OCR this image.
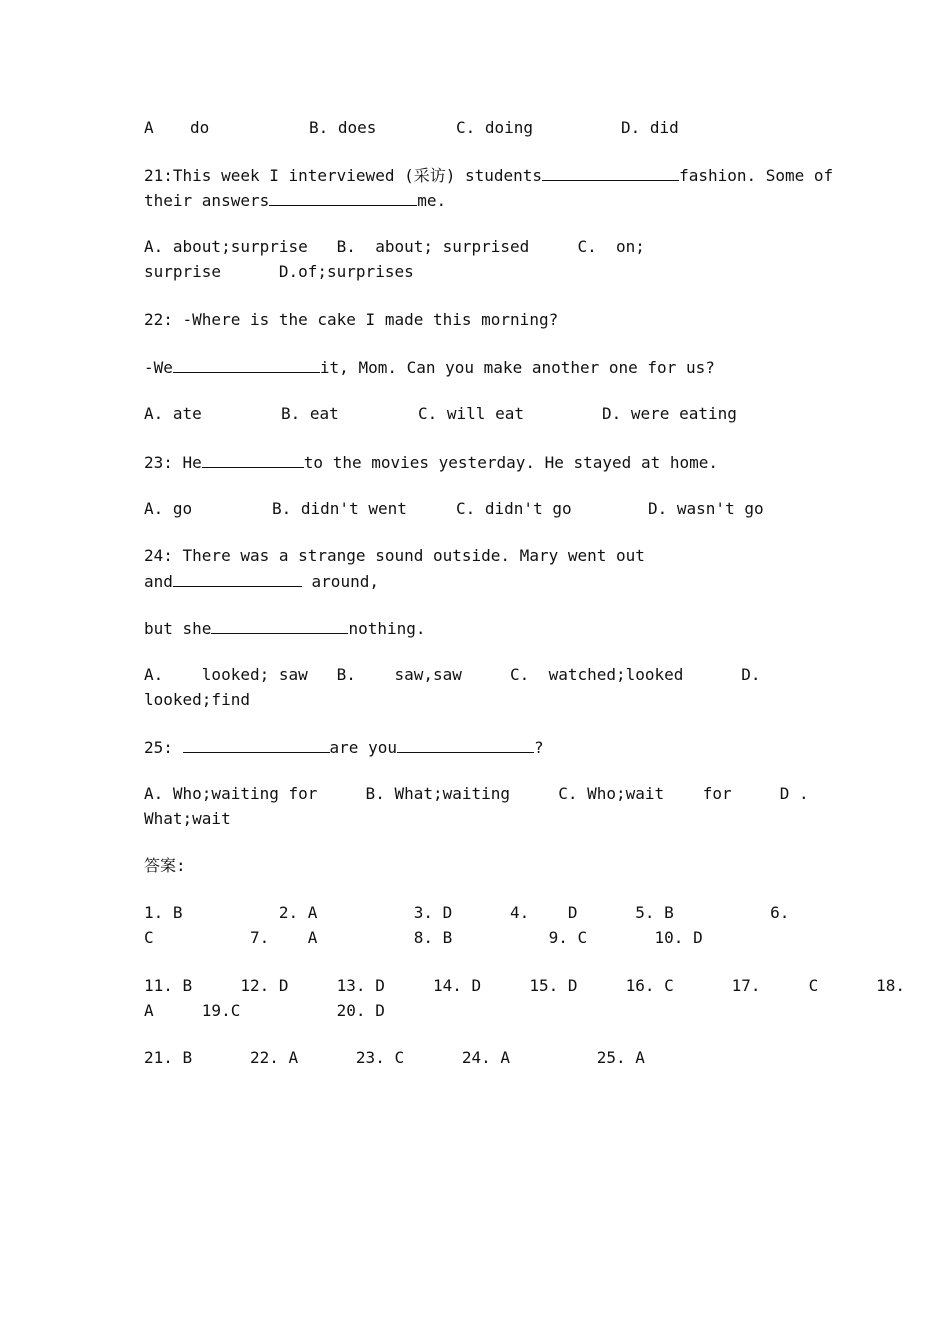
A do	B. does	C. doing	D. did

21:This week I interviewed (采访) students	fashion. Some of

their answers	me.

A. about;surprise   B.  about; surprised     C.  on;

surprise      D.of;surprises

22: -Where is the cake I made this morning?

-We	it, Mom. Can you make another one for us?

A. ate	B. eat	C. will eat	D. were eating

23: He	to the movies yesterday. He stayed at home.

A. go	B. didn't went	C. didn't go	D. wasn't go

24: There was a strange sound outside. Mary went out

and	around,

but she	nothing.

A.    looked; saw   B.    saw,saw     C.  watched;looked      D.

looked;find

25:	are you	?

A. Who;waiting for     B. What;waiting     C. Who;wait    for     D .

What;wait

答案:

1. B          2. A          3. D      4.    D      5. B          6.

C          7.    A          8. B          9. C       10. D

11. B     12. D     13. D     14. D     15. D     16. C      17.     C      18.

A     19.C          20. D

21. B      22. A      23. C      24. A         25. A
